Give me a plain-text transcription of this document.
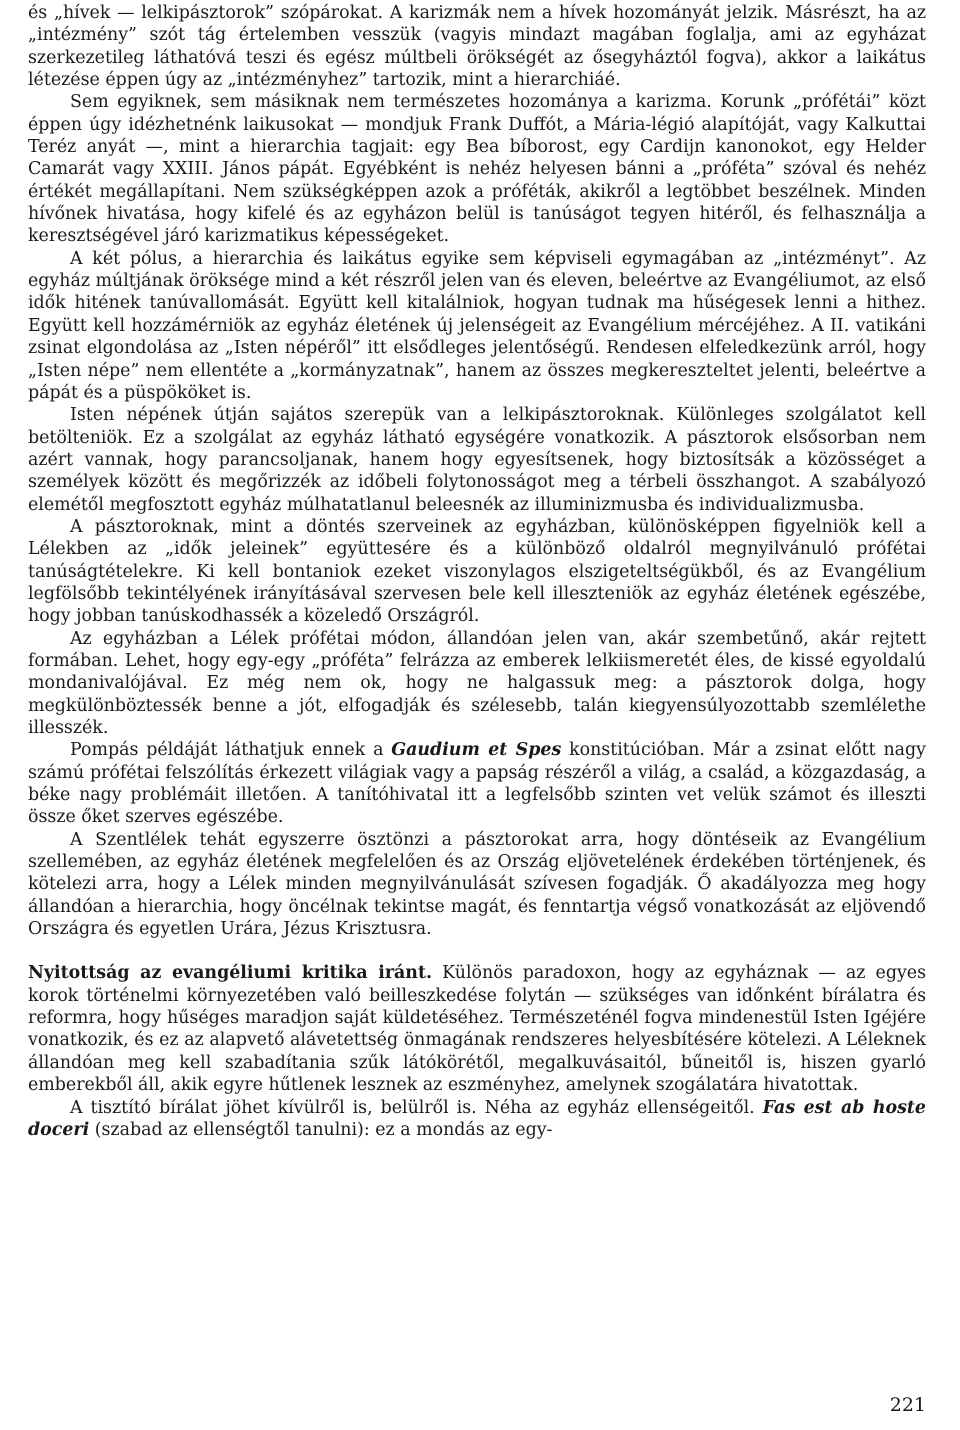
és „hívek — lelkipásztorok” szópárokat. A karizmák nem a hívek hozományát jelzik. Másrészt, ha az „intézmény” szót tág értelemben vesszük (vagyis mindazt magában foglalja, ami az egyházat szerkezetileg láthatóvá teszi és egész múltbeli örökségét az ősegyháztól fogva), akkor a laikátus létezése éppen úgy az „intézményhez” tartozik, mint a hierarchiáé.

Sem egyiknek, sem másiknak nem természetes hozománya a karizma. Korunk „prófétái” közt éppen úgy idézhetnénk laikusokat — mondjuk Frank Duffót, a Mária-légió alapítóját, vagy Kalkuttai Teréz anyát —, mint a hierarchia tagjait: egy Bea bíborost, egy Cardijn kanonokot, egy Helder Camarát vagy XXIII. János pápát. Egyébként is nehéz helyesen bánni a „próféta” szóval és nehéz értékét megállapítani. Nem szükségképpen azok a próféták, akikről a legtöbbet beszélnek. Minden hívőnek hivatása, hogy kifelé és az egyházon belül is tanúságot tegyen hitéről, és felhasználja a keresztségével járó karizmatikus képességeket.

A két pólus, a hierarchia és laikátus egyike sem képviseli egymagában az „intézményt”. Az egyház múltjának öröksége mind a két részről jelen van és eleven, beleértve az Evangéliumot, az első idők hitének tanúvallomását. Együtt kell kitalálniok, hogyan tudnak ma hűségesek lenni a hithez. Együtt kell hozzámérniök az egyház életének új jelenségeit az Evangélium mércéjéhez. A II. vatikáni zsinat elgondolása az „Isten népéről” itt elsődleges jelentőségű. Rendesen elfeledkezünk arról, hogy „Isten népe” nem ellentéte a „kormányzatnak”, hanem az összes megkereszteltet jelenti, beleértve a pápát és a püspököket is.

Isten népének útján sajátos szerepük van a lelkipásztoroknak. Különleges szolgálatot kell betölteniök. Ez a szolgálat az egyház látható egységére vonatkozik. A pásztorok elsősorban nem azért vannak, hogy parancsoljanak, hanem hogy egyesítsenek, hogy biztosítsák a közösséget a személyek között és megőrizzék az időbeli folytonosságot meg a térbeli összhangot. A szabályozó elemétől megfosztott egyház múlhatatlanul beleesnék az illuminizmusba és individualizmusba.

A pásztoroknak, mint a döntés szerveinek az egyházban, különösképpen figyelniök kell a Lélekben az „idők jeleinek” együttesére és a különböző oldalról megnyilvánuló prófétai tanúságtételekre. Ki kell bontaniok ezeket viszonylagos elszigeteltségükből, és az Evangélium legfölsőbb tekintélyének irányításával szervesen bele kell illeszteniök az egyház életének egészébe, hogy jobban tanúskodhassék a közeledő Országról.

Az egyházban a Lélek prófétai módon, állandóan jelen van, akár szembetűnő, akár rejtett formában. Lehet, hogy egy-egy „próféta” felrázza az emberek lelkiismeretét éles, de kissé egyoldalú mondanivalójával. Ez még nem ok, hogy ne halgassuk meg: a pásztorok dolga, hogy megkülönböztessék benne a jót, elfogadják és szélesebb, talán kiegyensúlyozottabb szemlélethe illesszék.

Pompás példáját láthatjuk ennek a Gaudium et Spes konstitúcióban. Már a zsinat előtt nagy számú prófétai felszólítás érkezett világiak vagy a papság részéről a világ, a család, a közgazdaság, a béke nagy problémáit illetően. A tanítóhivatal itt a legfelsőbb szinten vet velük számot és illeszti össze őket szerves egészébe.

A Szentlélek tehát egyszerre ösztönzi a pásztorokat arra, hogy döntéseik az Evangélium szellemében, az egyház életének megfelelően és az Ország eljövetelének érdekében történjenek, és kötelezi arra, hogy a Lélek minden megnyilvánulását szívesen fogadják. Ő akadályozza meg hogy állandóan a hierarchia, hogy öncélnak tekintse magát, és fenntartja végső vonatkozását az eljövendő Országra és egyetlen Urára, Jézus Krisztusra.

Nyitottság az evangéliumi kritika iránt. Különös paradoxon, hogy az egyháznak — az egyes korok történelmi környezetében való beilleszkedése folytán — szükséges van időnként bírálatra és reformra, hogy hűséges maradjon saját küldetéséhez. Természeténél fogva mindenestül Isten Igéjére vonatkozik, és ez az alapvető alávetettség önmagának rendszeres helyesbítésére kötelezi. A Léleknek állandóan meg kell szabadítania szűk látókörétől, megalkuvásaitól, bűneitől is, hiszen gyarló emberekből áll, akik egyre hűtlenek lesznek az eszményhez, amelynek szogálatára hivatottak.

A tisztító bírálat jöhet kívülről is, belülről is. Néha az egyház ellenségeitől. Fas est ab hoste doceri (szabad az ellenségtől tanulni): ez a mondás az egy-

221
